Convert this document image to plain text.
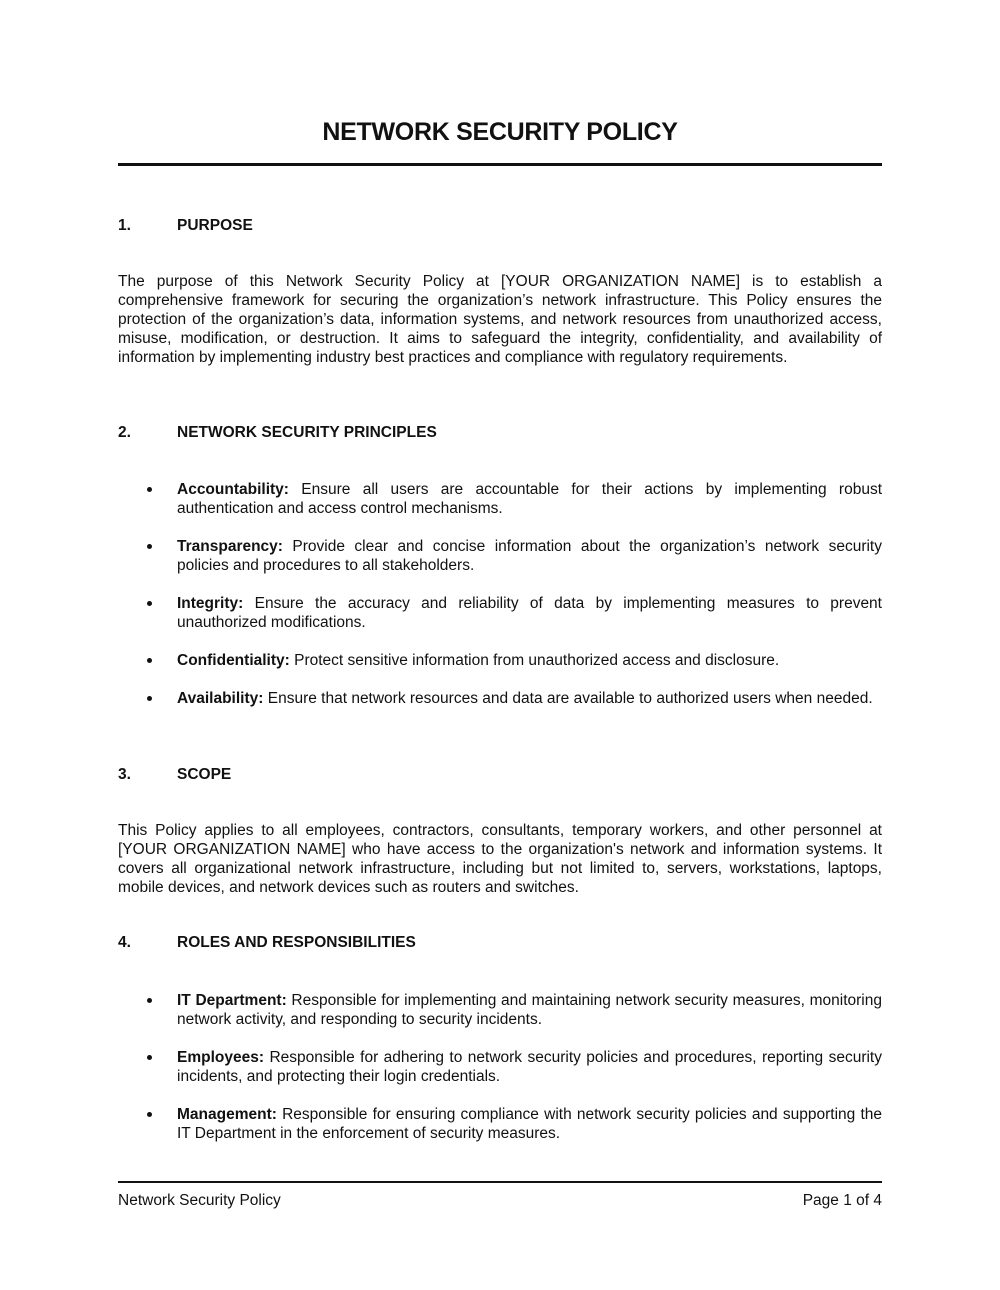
NETWORK SECURITY POLICY
1.	PURPOSE

The purpose of this Network Security Policy at [YOUR ORGANIZATION NAME] is to establish a comprehensive framework for securing the organization’s network infrastructure. This Policy ensures the protection of the organization’s data, information systems, and network resources from unauthorized access, misuse, modification, or destruction. It aims to safeguard the integrity, confidentiality, and availability of information by implementing industry best practices and compliance with regulatory requirements.

2.	NETWORK SECURITY PRINCIPLES
Accountability: Ensure all users are accountable for their actions by implementing robust authentication and access control mechanisms.
Transparency: Provide clear and concise information about the organization’s network security policies and procedures to all stakeholders.
Integrity: Ensure the accuracy and reliability of data by implementing measures to prevent unauthorized modifications.
Confidentiality: Protect sensitive information from unauthorized access and disclosure.
Availability: Ensure that network resources and data are available to authorized users when needed.
3.	SCOPE

This Policy applies to all employees, contractors, consultants, temporary workers, and other personnel at [YOUR ORGANIZATION NAME] who have access to the organization's network and information systems. It covers all organizational network infrastructure, including but not limited to, servers, workstations, laptops, mobile devices, and network devices such as routers and switches.

4.	ROLES AND RESPONSIBILITIES
IT Department: Responsible for implementing and maintaining network security measures, monitoring network activity, and responding to security incidents.
Employees: Responsible for adhering to network security policies and procedures, reporting security incidents, and protecting their login credentials.
Management: Responsible for ensuring compliance with network security policies and supporting the IT Department in the enforcement of security measures.
Network Security Policy	Page 1 of 4
